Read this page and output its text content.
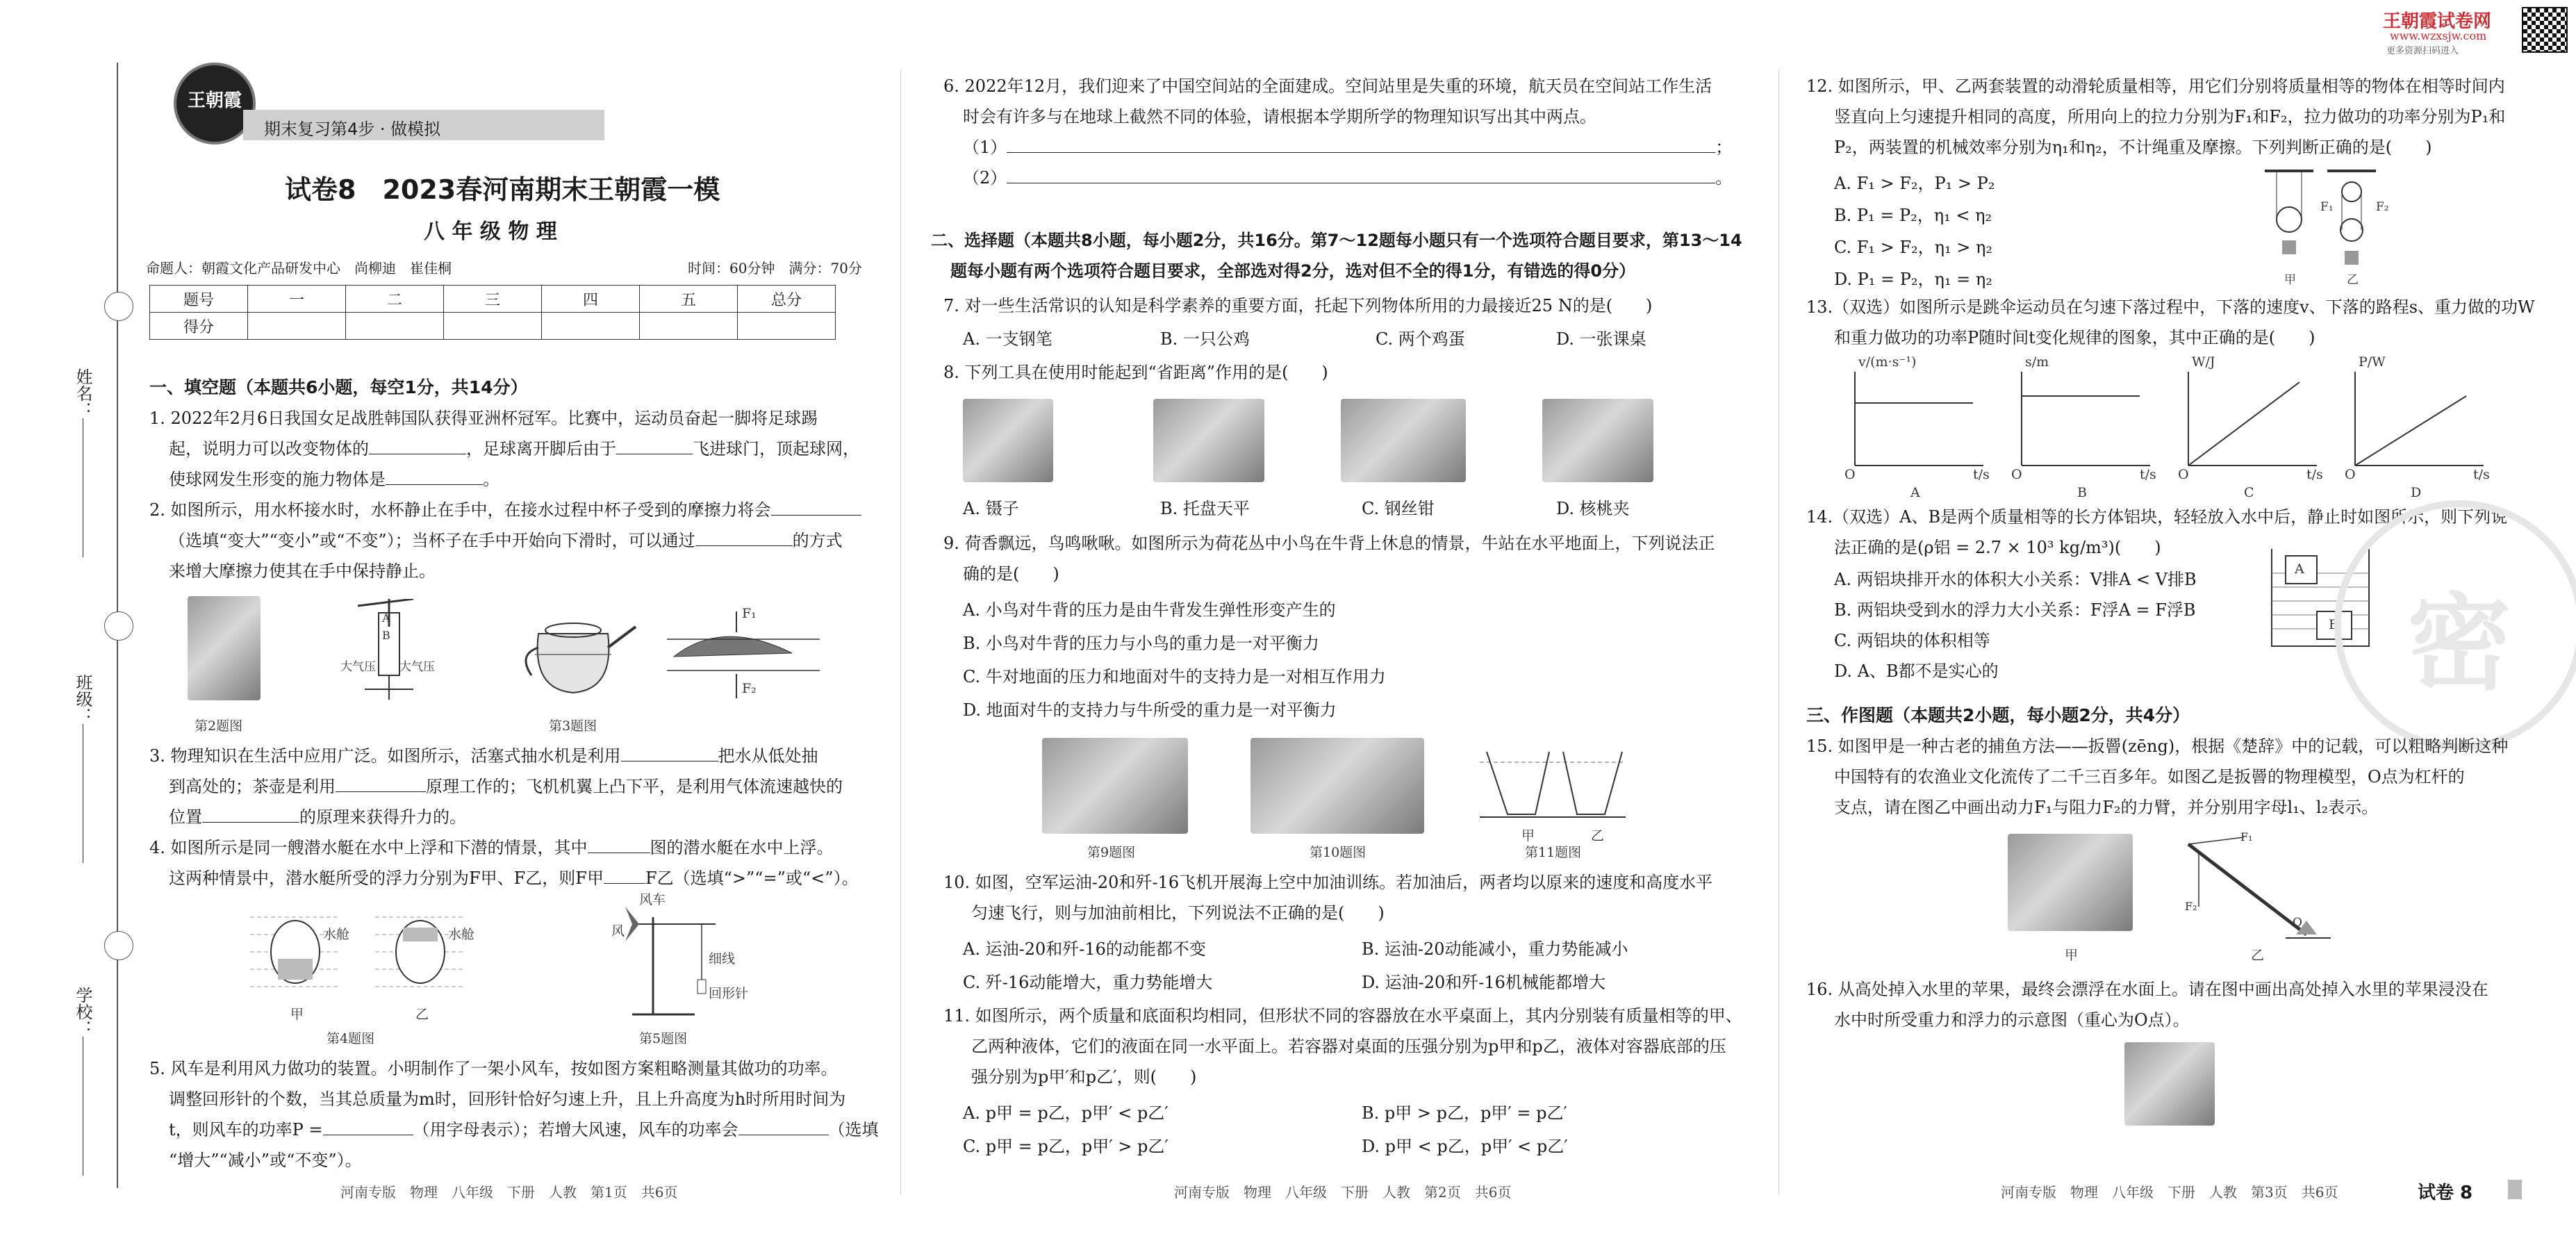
姓名：
班级：
学校：
王朝霞
期末复习第4步 · 做模拟
试卷8　2023春河南期末王朝霞一模
八 年 级 物 理
命题人：朝霞文化产品研发中心　尚柳迪　崔佳桐	时间：60分钟　满分：70分
题号	一	二	三	四	五	总分
得分						
一、填空题（本题共6小题，每空1分，共14分）
1. 2022年2月6日我国女足战胜韩国队获得亚洲杯冠军。比赛中，运动员奋起一脚将足球踢
起，说明力可以改变物体的	，足球离开脚后由于	飞进球门，顶起球网，
使球网发生形变的施力物体是	。
2. 如图所示，用水杯接水时，水杯静止在手中，在接水过程中杯子受到的摩擦力将会
（选填“变大”“变小”或“不变”）；当杯子在手中开始向下滑时，可以通过	的方式
来增大摩擦力使其在手中保持静止。
第2题图
A
B
大气压 大气压
第3题图
F₁
F₂
3. 物理知识在生活中应用广泛。如图所示，活塞式抽水机是利用	把水从低处抽
到高处的；茶壶是利用	原理工作的；飞机机翼上凸下平，是利用气体流速越快的
位置	的原理来获得升力的。
4. 如图所示是同一艘潜水艇在水中上浮和下潜的情景，其中	图的潜水艇在水中上浮。
这两种情景中，潜水艇所受的浮力分别为F甲、F乙，则F甲	F乙（选填“>”“=”或“<”）。
水舱	水舱
甲	乙
第4题图
风车
风
细线
回形针
第5题图
5. 风车是利用风力做功的装置。小明制作了一架小风车，按如图方案粗略测量其做功的功率。
调整回形针的个数，当其总质量为m时，回形针恰好匀速上升，且上升高度为h时所用时间为
t，则风车的功率P =	（用字母表示）；若增大风速，风车的功率会	（选填
“增大”“减小”或“不变”）。
河南专版　物理　八年级　下册　人教　第1页　共6页
6. 2022年12月，我们迎来了中国空间站的全面建成。空间站里是失重的环境，航天员在空间站工作生活
时会有许多与在地球上截然不同的体验，请根据本学期所学的物理知识写出其中两点。
（1）	；
（2）	。
二、选择题（本题共8小题，每小题2分，共16分。第7～12题每小题只有一个选项符合题目要求，第13～14
题每小题有两个选项符合题目要求，全部选对得2分，选对但不全的得1分，有错选的得0分）
7. 对一些生活常识的认知是科学素养的重要方面，托起下列物体所用的力最接近25 N的是(　　)
A. 一支钢笔	B. 一只公鸡	C. 两个鸡蛋	D. 一张课桌
8. 下列工具在使用时能起到“省距离”作用的是(　　)
A. 镊子	B. 托盘天平	C. 钢丝钳	D. 核桃夹
9. 荷香飘远，鸟鸣啾啾。如图所示为荷花丛中小鸟在牛背上休息的情景，牛站在水平地面上，下列说法正
确的是(　　)
A. 小鸟对牛背的压力是由牛背发生弹性形变产生的
B. 小鸟对牛背的压力与小鸟的重力是一对平衡力
C. 牛对地面的压力和地面对牛的支持力是一对相互作用力
D. 地面对牛的支持力与牛所受的重力是一对平衡力
第9题图	第10题图
甲	乙
第11题图
10. 如图，空军运油-20和歼-16飞机开展海上空中加油训练。若加油后，两者均以原来的速度和高度水平
匀速飞行，则与加油前相比，下列说法不正确的是(　　)
A. 运油-20和歼-16的动能都不变	B. 运油-20动能减小，重力势能减小
C. 歼-16动能增大，重力势能增大	D. 运油-20和歼-16机械能都增大
11. 如图所示，两个质量和底面积均相同，但形状不同的容器放在水平桌面上，其内分别装有质量相等的甲、
乙两种液体，它们的液面在同一水平面上。若容器对桌面的压强分别为p甲和p乙，液体对容器底部的压
强分别为p甲′和p乙′，则(　　)
A. p甲 = p乙，p甲′ < p乙′	B. p甲 > p乙，p甲′ = p乙′
C. p甲 = p乙，p甲′ > p乙′	D. p甲 < p乙，p甲′ < p乙′
河南专版　物理　八年级　下册　人教　第2页　共6页
王朝霞试卷网
www.wzxsjw.com
更多资源扫码进入
12. 如图所示，甲、乙两套装置的动滑轮质量相等，用它们分别将质量相等的物体在相等时间内
竖直向上匀速提升相同的高度，所用向上的拉力分别为F₁和F₂，拉力做功的功率分别为P₁和
P₂，两装置的机械效率分别为η₁和η₂，不计绳重及摩擦。下列判断正确的是(　　)
A. F₁ > F₂，P₁ > P₂
B. P₁ = P₂，η₁ < η₂
C. F₁ > F₂，η₁ > η₂
D. P₁ = P₂，η₁ = η₂
F₁	F₂
甲	乙
13.（双选）如图所示是跳伞运动员在匀速下落过程中，下落的速度v、下落的路程s、重力做的功W
和重力做功的功率P随时间t变化规律的图象，其中正确的是(　　)
v/(m·s⁻¹)
t/s
O
A
s/m
t/s
O
B
W/J
t/s
O
C
P/W
t/s
O
D
14.（双选）A、B是两个质量相等的长方体铝块，轻轻放入水中后，静止时如图所示，则下列说
法正确的是(ρ铝 = 2.7 × 10³ kg/m³)(　　)
A. 两铝块排开水的体积大小关系：V排A < V排B
B. 两铝块受到水的浮力大小关系：F浮A = F浮B
C. 两铝块的体积相等
D. A、B都不是实心的
A
B 密
三、作图题（本题共2小题，每小题2分，共4分）
15. 如图甲是一种古老的捕鱼方法——扳罾(zēng)，根据《楚辞》中的记载，可以粗略判断这种
中国特有的农渔业文化流传了二千三百多年。如图乙是扳罾的物理模型，O点为杠杆的
支点，请在图乙中画出动力F₁与阻力F₂的力臂，并分别用字母l₁、l₂表示。
F₁
F₂
O
甲	乙
16. 从高处掉入水里的苹果，最终会漂浮在水面上。请在图中画出高处掉入水里的苹果浸没在
水中时所受重力和浮力的示意图（重心为O点）。
河南专版　物理　八年级　下册　人教　第3页　共6页	试卷 8
